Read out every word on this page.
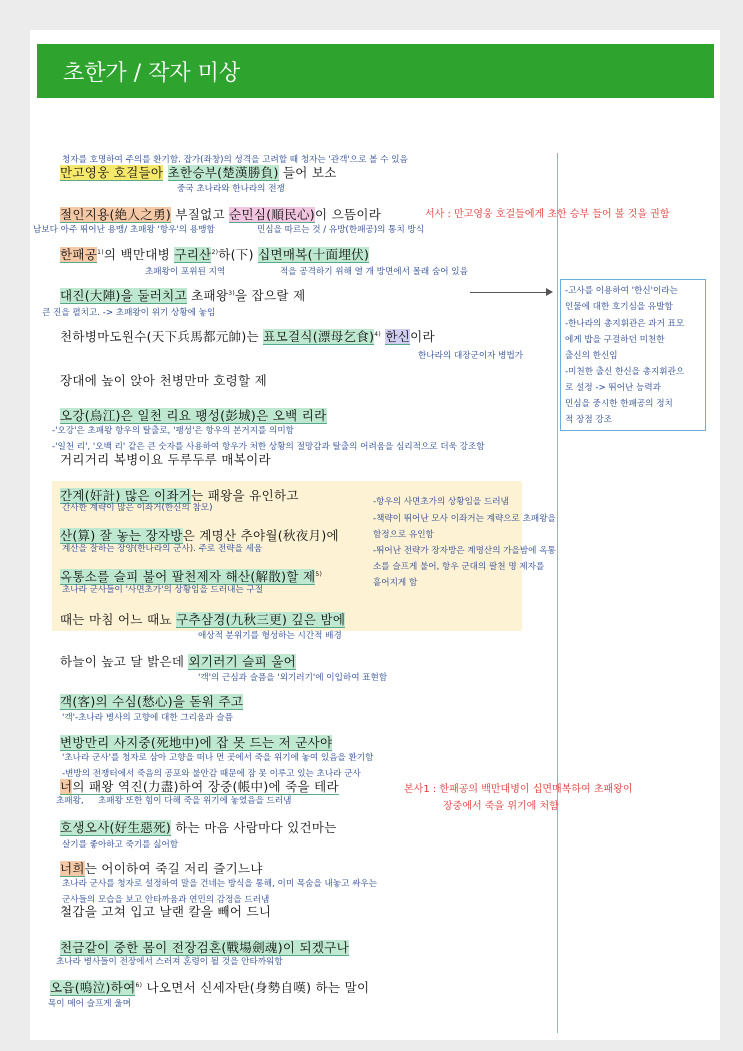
초한가 / 작자 미상
청자를 호명하여 주의를 환기함. 잡가(좌창)의 성격을 고려할 때 청자는 '관객'으로 볼 수 있음
만고영웅 호걸들아 초한승부(楚漢勝負) 들어 보소
중국 초나라와 한나라의 전쟁
절인지용(絶人之勇) 부질없고 순민심(順民心)이 으뜸이라	서사 : 만고영웅 호걸들에게 초한 승부 들어 볼 것을 권함
남보다 아주 뛰어난 용맹/ 초패왕 '항우'의 용맹함	민심을 따르는 것 / 유방(한패공)의 통치 방식
한패공$^{1)}$의 백만대병 구리산$^{2)}$하(下) 십면매복(十面埋伏)
초패왕이 포위된 지역	적을 공격하기 위해 열 개 방면에서 몰래 숨어 있음
대진(大陣)을 둘러치고 초패왕$^{3)}$을 잡으랄 제
큰 진을 펼치고. -> 초패왕이 위기 상황에 놓임
천하병마도원수(天下兵馬都元帥)는 표모걸식(漂母乞食)$^{4)}$ 한신이라
한나라의 대장군이자 병법가
-고사를 이용하여 '한신'이라는
인물에 대한 호기심을 유발함
-한나라의 총지휘관은 과거 표모
에게 밥을 구걸하던 미천한
출신의 한신임
-미천한 출신 한신을 총지휘관으
로 설정 -> 뛰어난 능력과
민심을 중시한 한패공의 정치
적 장점 강조
장대에 높이 앉아 천병만마 호령할 제
오강(烏江)은 일천 리요 팽성(彭城)은 오백 리라
-'오강'은 초패왕 항우의 탈출로, '팽성'은 항우의 본거지를 의미함
-'일천 리', '오백 리' 같은 큰 숫자를 사용하여 항우가 처한 상황의 절망감과 탈출의 어려움을 심리적으로 더욱 강조함
거리거리 복병이요 두루두루 매복이라
간계(奸計) 많은 이좌거는 패왕을 유인하고
간사한 계략이 많은 이좌거(한신의 참모)
산(算) 잘 놓는 장자방은 계명산 추야월(秋夜月)에
계산을 잘하는 장양(한나라의 군사). 주로 전략을 세움
옥통소를 슬피 불어 팔천제자 해산(解散)할 제$^{5)}$
초나라 군사들이 '사면초가'의 상황임을 드러내는 구절
-항우의 사면초가의 상황임을 드러냄
-책략이 뛰어난 모사 이좌거는 계략으로 초패왕을
함정으로 유인함
-뛰어난 전략가 장자방은 계명산의 가을밤에 옥통
소를 슬프게 불어, 항우 군대의 팔천 명 제자를
흩어지게 함
때는 마침 어느 때뇨 구추삼경(九秋三更) 깊은 밤에
애상적 분위기를 형성하는 시간적 배경
하늘이 높고 달 밝은데 외기러기 슬피 울어
'객'의 근심과 슬픔을 '외기러기'에 이입하여 표현함
객(客)의 수심(愁心)을 돋워 주고
'객'-초나라 병사의 고향에 대한 그리움과 슬픔
변방만리 사지중(死地中)에 잡 못 드는 저 군사야
'초나라 군사'를 청자로 삼아 고향을 떠나 먼 곳에서 죽을 위기에 놓여 있음을 환기함
-변방의 전쟁터에서 죽음의 공포와 불안감 때문에 잠 못 이루고 있는 초나라 군사
너의 패왕 역진(力盡)하여 장중(帳中)에 죽을 테라	본사1 : 한패공의 백만대병이 십면매복하여 초패왕이
장중에서 죽을 위기에 처함
초패왕, 초패왕 또한 힘이 다해 죽을 위기에 놓였음을 드러냄
호생오사(好生惡死) 하는 마음 사람마다 있건마는
살기를 좋아하고 죽기를 싫어함
너희는 어이하여 죽길 저리 즐기느냐
초나라 군사를 청자로 설정하여 말을 건네는 방식을 통해, 이미 목숨을 내놓고 싸우는
군사들의 모습을 보고 안타까움과 연민의 감정을 드러냄
철갑을 고쳐 입고 날랜 칼을 빼어 드니
천금같이 중한 몸이 전장검혼(戰場劍魂)이 되겠구나
초나라 병사들이 전장에서 스러져 혼령이 될 것을 안타까워함
오읍(嗚泣)하여$^{6)}$ 나오면서 신세자탄(身勢自嘆) 하는 말이
목이 메어 슬프게 울며
